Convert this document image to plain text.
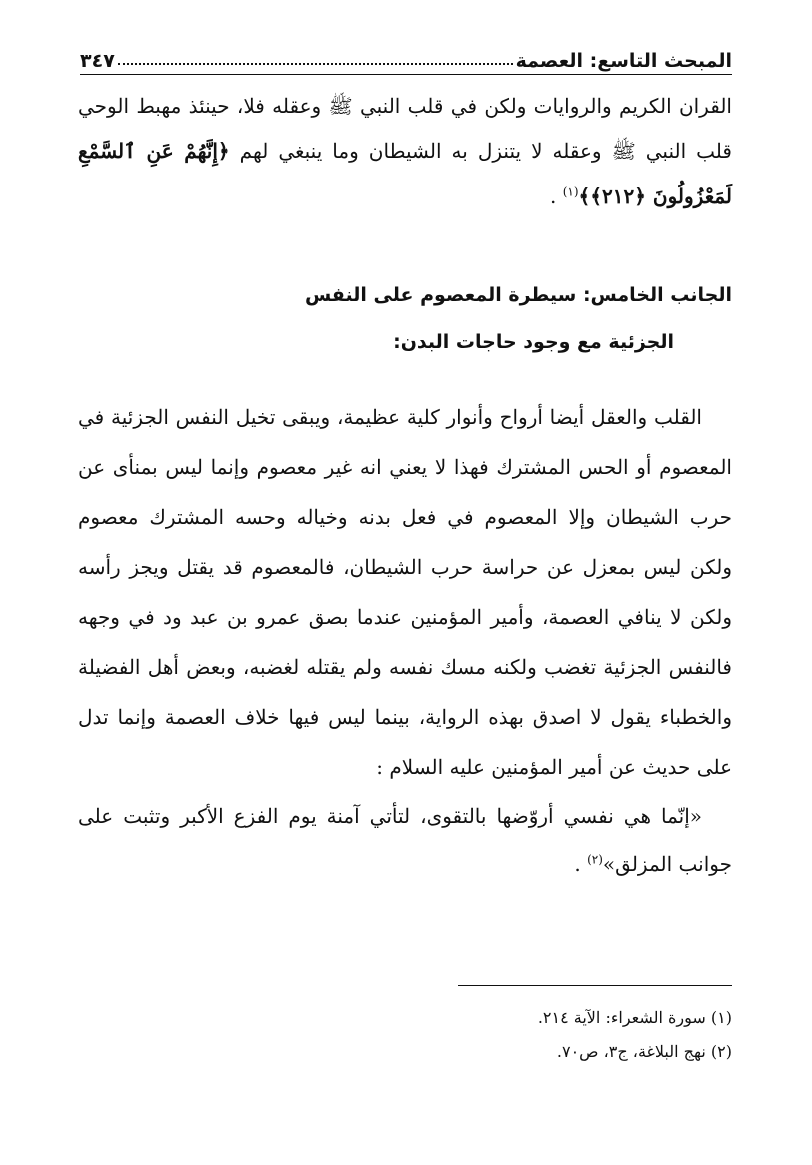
المبحث التاسع: العصمة
٣٤٧
القران الكريم والروايات ولكن في قلب النبي ﷺ وعقله فلا، حينئذ مهبط الوحي قلب النبي ﷺ وعقله لا يتنزل به الشيطان وما ينبغي لهم ﴿إِنَّهُمْ عَنِ ٱلسَّمْعِ لَمَعْزُولُونَ ﴿٢١٢﴾﴾$^{(١)}$ .
الجانب الخامس: سيطرة المعصوم على النفس
الجزئية مع وجود حاجات البدن:
القلب والعقل أيضا أرواح وأنوار كلية عظيمة، ويبقى تخيل النفس الجزئية في المعصوم أو الحس المشترك فهذا لا يعني انه غير معصوم وإنما ليس بمنأى عن حرب الشيطان وإلا المعصوم في فعل بدنه وخياله وحسه المشترك معصوم ولكن ليس بمعزل عن حراسة حرب الشيطان، فالمعصوم قد يقتل ويجز رأسه ولكن لا ينافي العصمة، وأمير المؤمنين عندما بصق عمرو بن عبد ود في وجهه فالنفس الجزئية تغضب ولكنه مسك نفسه ولم يقتله لغضبه، وبعض أهل الفضيلة والخطباء يقول لا اصدق بهذه الرواية، بينما ليس فيها خلاف العصمة وإنما تدل على حديث عن أمير المؤمنين عليه السلام :
«إنّما هي نفسي أروّضها بالتقوى، لتأتي آمنة يوم الفزع الأكبر وتثبت على جوانب المزلق»$^{(٢)}$ .
(١) سورة الشعراء: الآية ٢١٤.
(٢) نهج البلاغة، ج٣، ص٧٠.
